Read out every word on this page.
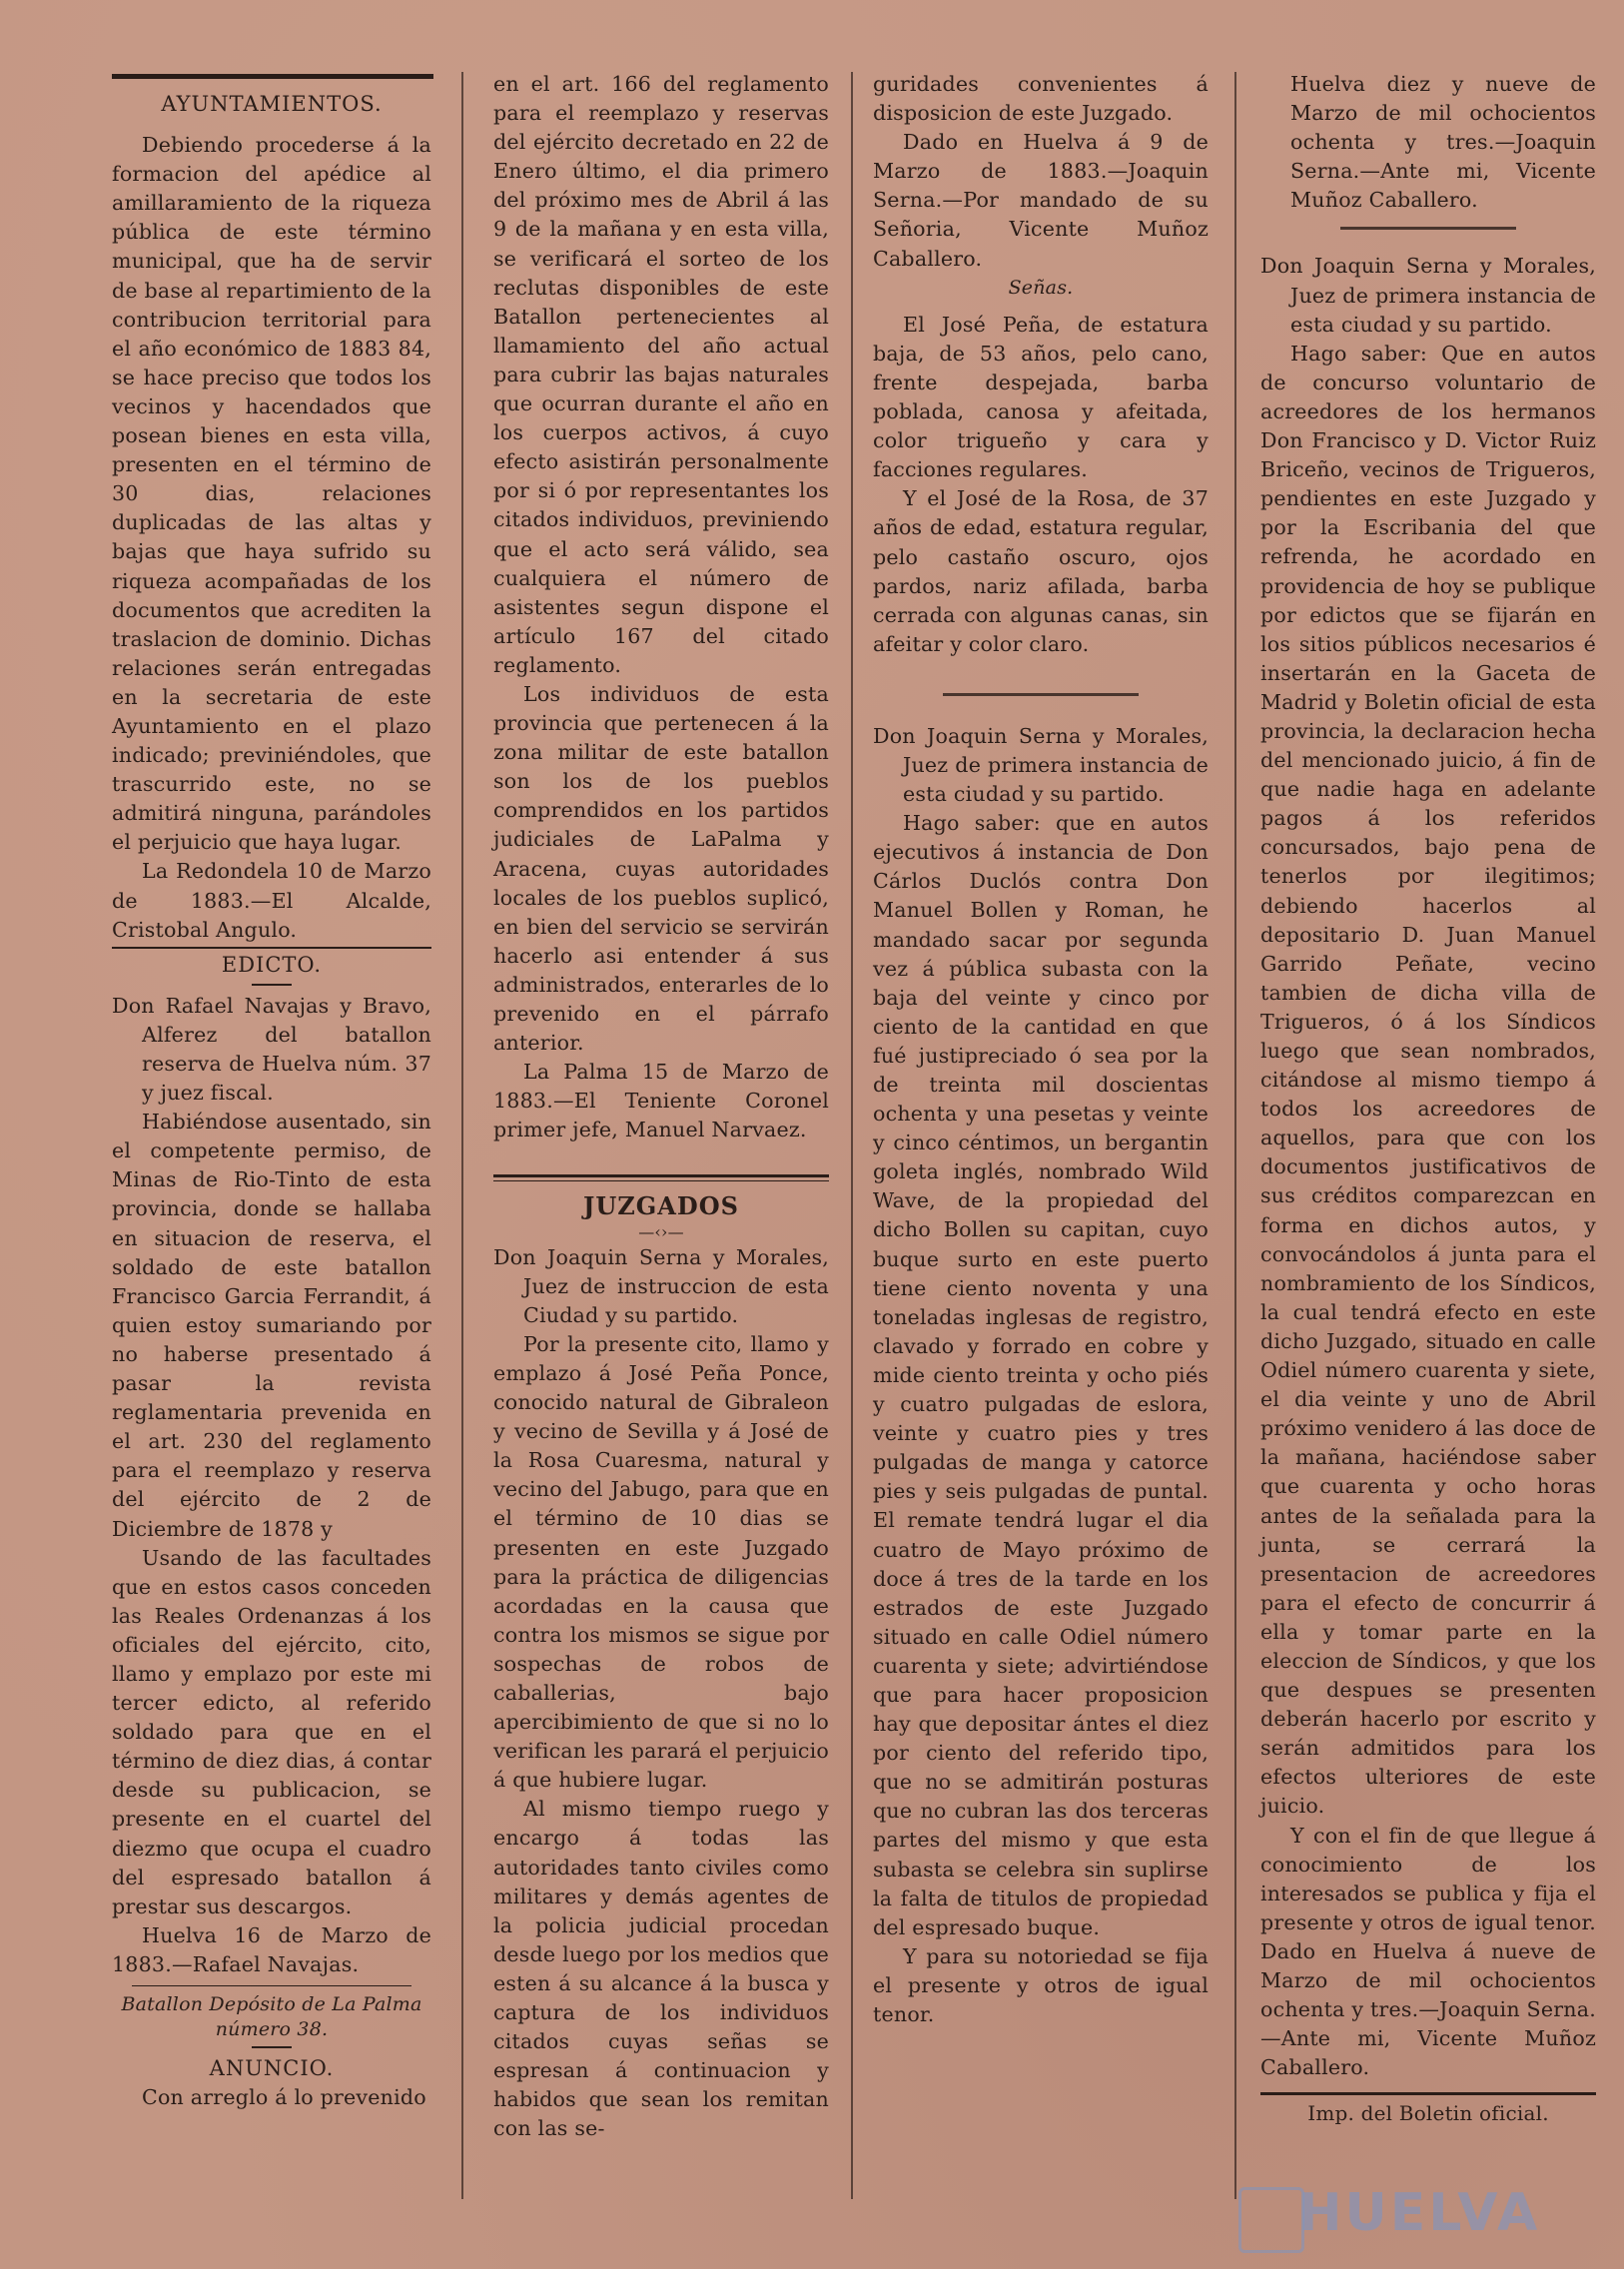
AYUNTAMIENTOS.

Debiendo procederse á la formacion del apédice al amillaramiento de la riqueza pública de este término municipal, que ha de servir de base al repartimiento de la contribucion territorial para el año económico de 1883 84, se hace preciso que todos los vecinos y hacendados que posean bienes en esta villa, presenten en el término de 30 dias, relaciones duplicadas de las altas y bajas que haya sufrido su riqueza acompañadas de los documentos que acrediten la traslacion de dominio. Dichas relaciones serán entregadas en la secretaria de este Ayuntamiento en el plazo indicado; previniéndoles, que trascurrido este, no se admitirá ninguna, parándoles el perjuicio que haya lugar.

La Redondela 10 de Marzo de 1883.—El Alcalde, Cristobal Angulo.

EDICTO.

Don Rafael Navajas y Bravo, Alferez del batallon reserva de Huelva núm. 37 y juez fiscal.

Habiéndose ausentado, sin el competente permiso, de Minas de Rio-Tinto de esta provincia, donde se hallaba en situacion de reserva, el soldado de este batallon Francisco Garcia Ferrandit, á quien estoy sumariando por no haberse presentado á pasar la revista reglamentaria prevenida en el art. 230 del reglamento para el reemplazo y reserva del ejército de 2 de Diciembre de 1878 y

Usando de las facultades que en estos casos conceden las Reales Ordenanzas á los oficiales del ejército, cito, llamo y emplazo por este mi tercer edicto, al referido soldado para que en el término de diez dias, á contar desde su publicacion, se presente en el cuartel del diezmo que ocupa el cuadro del espresado batallon á prestar sus descargos.

Huelva 16 de Marzo de 1883.—Rafael Navajas.

Batallon Depósito de La Palma número 38.

ANUNCIO.

Con arreglo á lo prevenido

en el art. 166 del reglamento para el reemplazo y reservas del ejército decretado en 22 de Enero último, el dia primero del próximo mes de Abril á las 9 de la mañana y en esta villa, se verificará el sorteo de los reclutas disponibles de este Batallon pertenecientes al llamamiento del año actual para cubrir las bajas naturales que ocurran durante el año en los cuerpos activos, á cuyo efecto asistirán personalmente por si ó por representantes los citados individuos, previniendo que el acto será válido, sea cualquiera el número de asistentes segun dispone el artículo 167 del citado reglamento.

Los individuos de esta provincia que pertenecen á la zona militar de este batallon son los de los pueblos comprendidos en los partidos judiciales de LaPalma y Aracena, cuyas autoridades locales de los pueblos suplicó, en bien del servicio se servirán hacerlo asi entender á sus administrados, enterarles de lo prevenido en el párrafo anterior.

La Palma 15 de Marzo de 1883.—El Teniente Coronel primer jefe, Manuel Narvaez.

JUZGADOS

—‹›—

Don Joaquin Serna y Morales, Juez de instruccion de esta Ciudad y su partido.

Por la presente cito, llamo y emplazo á José Peña Ponce, conocido natural de Gibraleon y vecino de Sevilla y á José de la Rosa Cuaresma, natural y vecino del Jabugo, para que en el término de 10 dias se presenten en este Juzgado para la práctica de diligencias acordadas en la causa que contra los mismos se sigue por sospechas de robos de caballerias, bajo apercibimiento de que si no lo verifican les parará el perjuicio á que hubiere lugar.

Al mismo tiempo ruego y encargo á todas las autoridades tanto civiles como militares y demás agentes de la policia judicial procedan desde luego por los medios que esten á su alcance á la busca y captura de los individuos citados cuyas señas se espresan á continuacion y habidos que sean los remitan con las se-

guridades convenientes á disposicion de este Juzgado.

Dado en Huelva á 9 de Marzo de 1883.—Joaquin Serna.—Por mandado de su Señoria, Vicente Muñoz Caballero.

Señas.

El José Peña, de estatura baja, de 53 años, pelo cano, frente despejada, barba poblada, canosa y afeitada, color trigueño y cara y facciones regulares.

Y el José de la Rosa, de 37 años de edad, estatura regular, pelo castaño oscuro, ojos pardos, nariz afilada, barba cerrada con algunas canas, sin afeitar y color claro.

Don Joaquin Serna y Morales, Juez de primera instancia de esta ciudad y su partido.

Hago saber: que en autos ejecutivos á instancia de Don Cárlos Duclós contra Don Manuel Bollen y Roman, he mandado sacar por segunda vez á pública subasta con la baja del veinte y cinco por ciento de la cantidad en que fué justipreciado ó sea por la de treinta mil doscientas ochenta y una pesetas y veinte y cinco céntimos, un bergantin goleta inglés, nombrado Wild Wave, de la propiedad del dicho Bollen su capitan, cuyo buque surto en este puerto tiene ciento noventa y una toneladas inglesas de registro, clavado y forrado en cobre y mide ciento treinta y ocho piés y cuatro pulgadas de eslora, veinte y cuatro pies y tres pulgadas de manga y catorce pies y seis pulgadas de puntal. El remate tendrá lugar el dia cuatro de Mayo próximo de doce á tres de la tarde en los estrados de este Juzgado situado en calle Odiel número cuarenta y siete; advirtiéndose que para hacer proposicion hay que depositar ántes el diez por ciento del referido tipo, que no se admitirán posturas que no cubran las dos terceras partes del mismo y que esta subasta se celebra sin suplirse la falta de titulos de propiedad del espresado buque.

Y para su notoriedad se fija el presente y otros de igual tenor.

Huelva diez y nueve de Marzo de mil ochocientos ochenta y tres.—Joaquin Serna.—Ante mi, Vicente Muñoz Caballero.

Don Joaquin Serna y Morales, Juez de primera instancia de esta ciudad y su partido.

Hago saber: Que en autos de concurso voluntario de acreedores de los hermanos Don Francisco y D. Victor Ruiz Briceño, vecinos de Trigueros, pendientes en este Juzgado y por la Escribania del que refrenda, he acordado en providencia de hoy se publique por edictos que se fijarán en los sitios públicos necesarios é insertarán en la Gaceta de Madrid y Boletin oficial de esta provincia, la declaracion hecha del mencionado juicio, á fin de que nadie haga en adelante pagos á los referidos concursados, bajo pena de tenerlos por ilegitimos; debiendo hacerlos al depositario D. Juan Manuel Garrido Peñate, vecino tambien de dicha villa de Trigueros, ó á los Síndicos luego que sean nombrados, citándose al mismo tiempo á todos los acreedores de aquellos, para que con los documentos justificativos de sus créditos comparezcan en forma en dichos autos, y convocándolos á junta para el nombramiento de los Síndicos, la cual tendrá efecto en este dicho Juzgado, situado en calle Odiel número cuarenta y siete, el dia veinte y uno de Abril próximo venidero á las doce de la mañana, haciéndose saber que cuarenta y ocho horas antes de la señalada para la junta, se cerrará la presentacion de acreedores para el efecto de concurrir á ella y tomar parte en la eleccion de Síndicos, y que los que despues se presenten deberán hacerlo por escrito y serán admitidos para los efectos ulteriores de este juicio.

Y con el fin de que llegue á conocimiento de los interesados se publica y fija el presente y otros de igual tenor. Dado en Huelva á nueve de Marzo de mil ochocientos ochenta y tres.—Joaquin Serna.—Ante mi, Vicente Muñoz Caballero.

Imp. del Boletin oficial.

HUELVA
